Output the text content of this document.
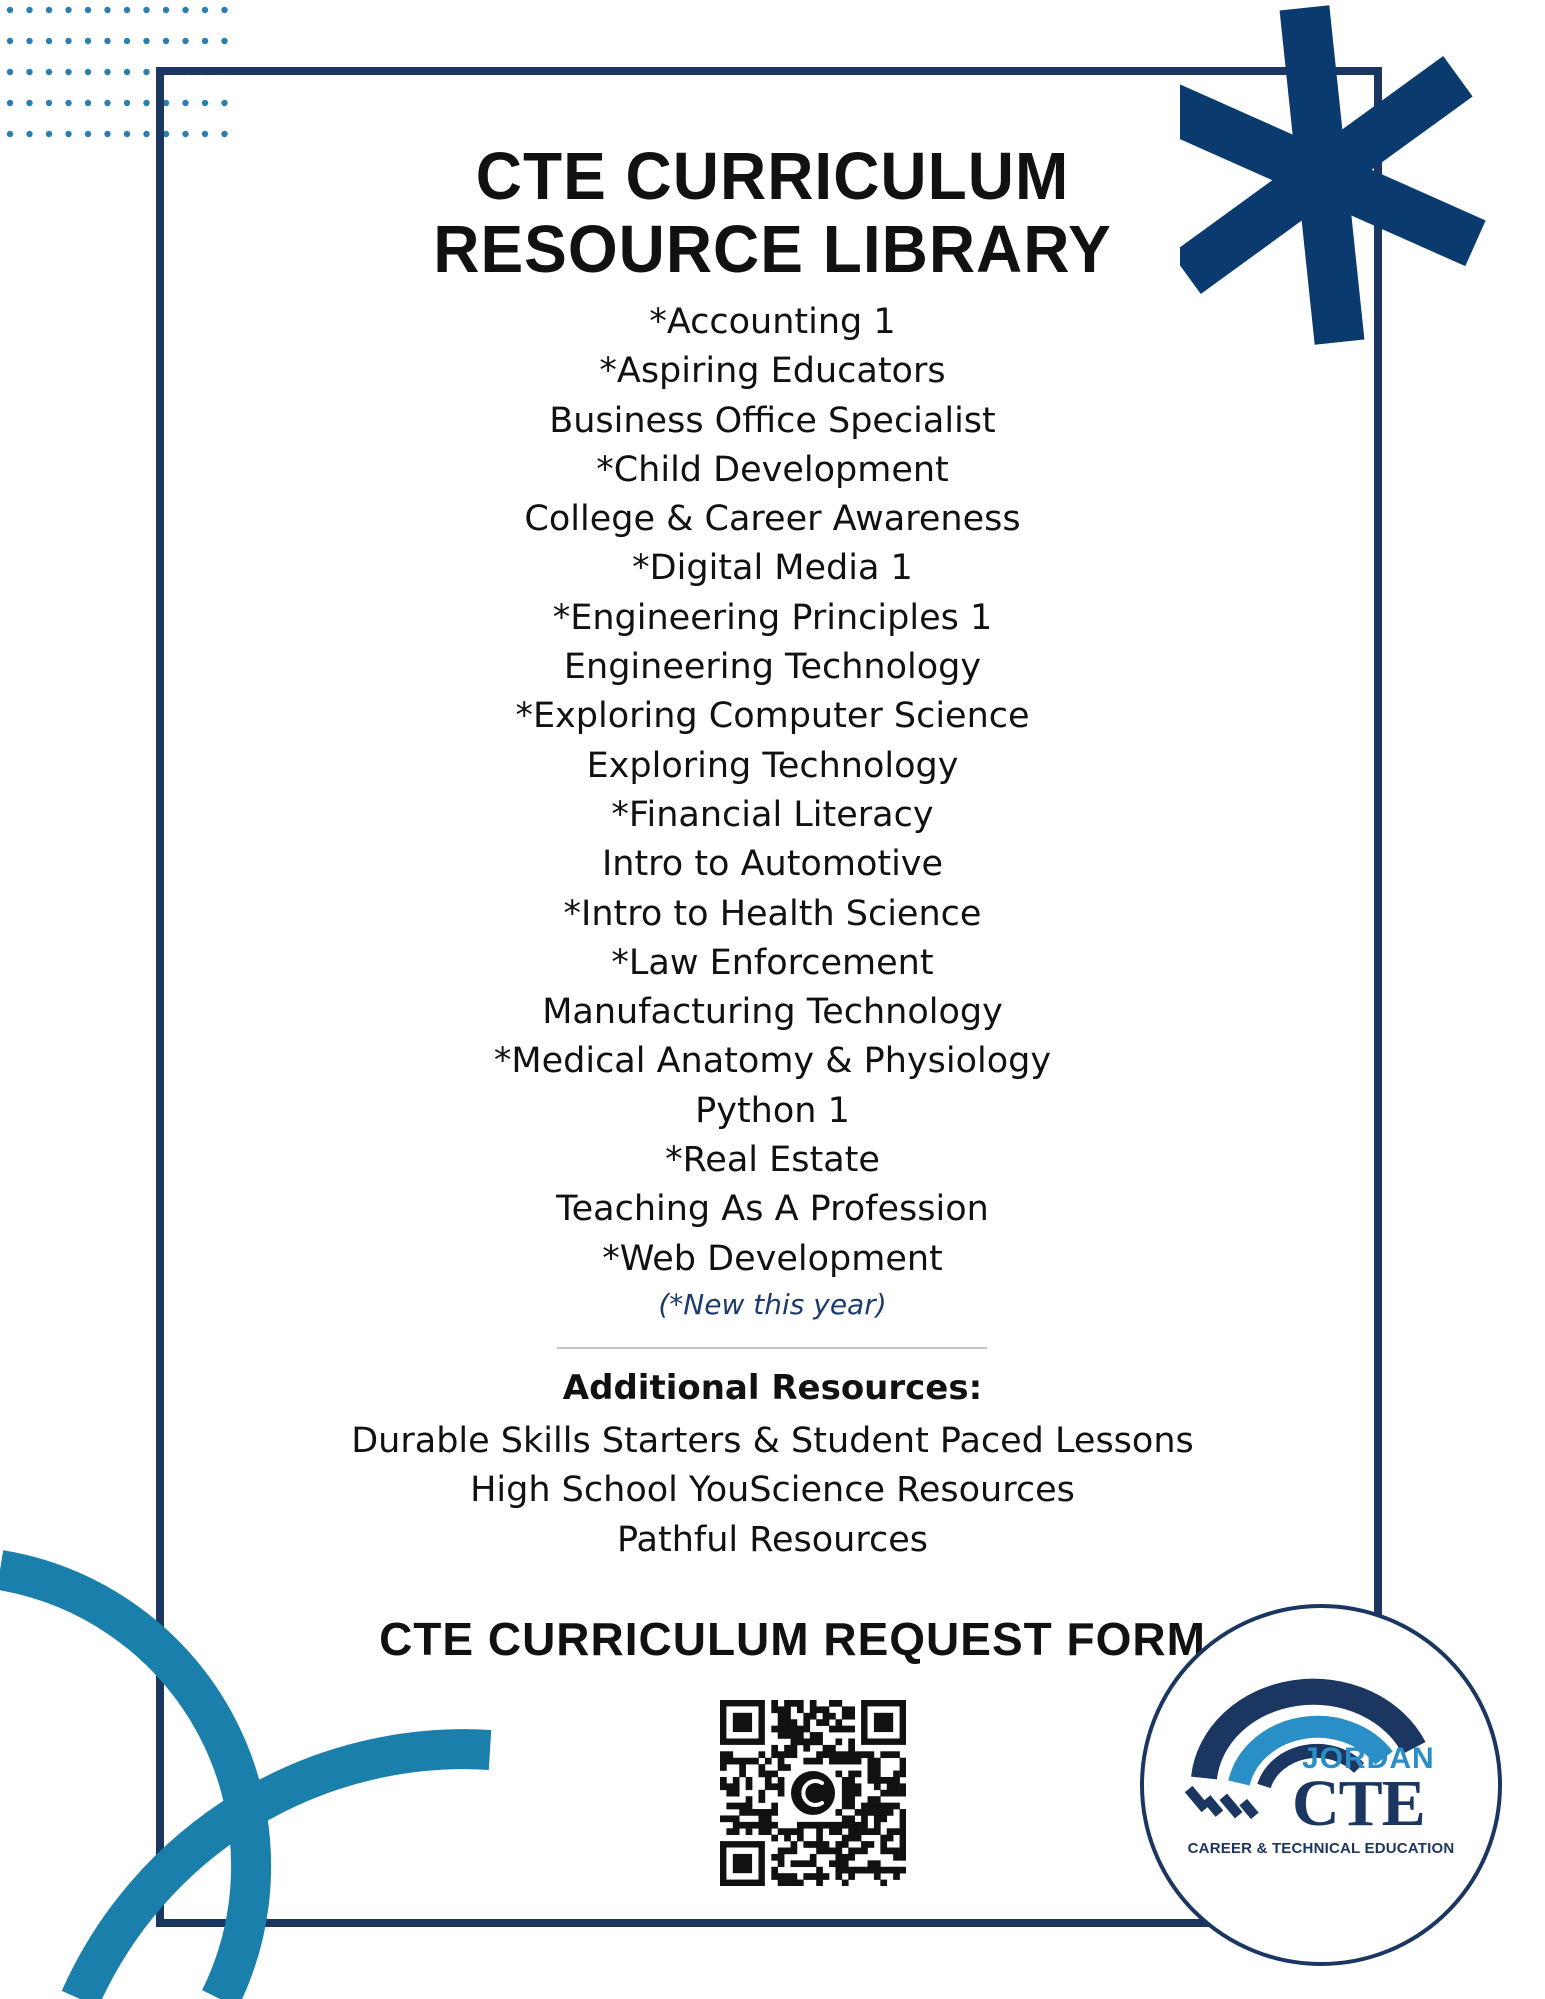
CTE CURRICULUM
RESOURCE LIBRARY
*Accounting 1
*Aspiring Educators
Business Office Specialist
*Child Development
College & Career Awareness
*Digital Media 1
*Engineering Principles 1
Engineering Technology
*Exploring Computer Science
Exploring Technology
*Financial Literacy
Intro to Automotive
*Intro to Health Science
*Law Enforcement
Manufacturing Technology
*Medical Anatomy & Physiology
Python 1
*Real Estate
Teaching As A Profession
*Web Development
(*New this year)
Additional Resources:
Durable Skills Starters & Student Paced Lessons
High School YouScience Resources
Pathful Resources
CTE CURRICULUM REQUEST FORM
JORDAN
CTE
CAREER & TECHNICAL EDUCATION
